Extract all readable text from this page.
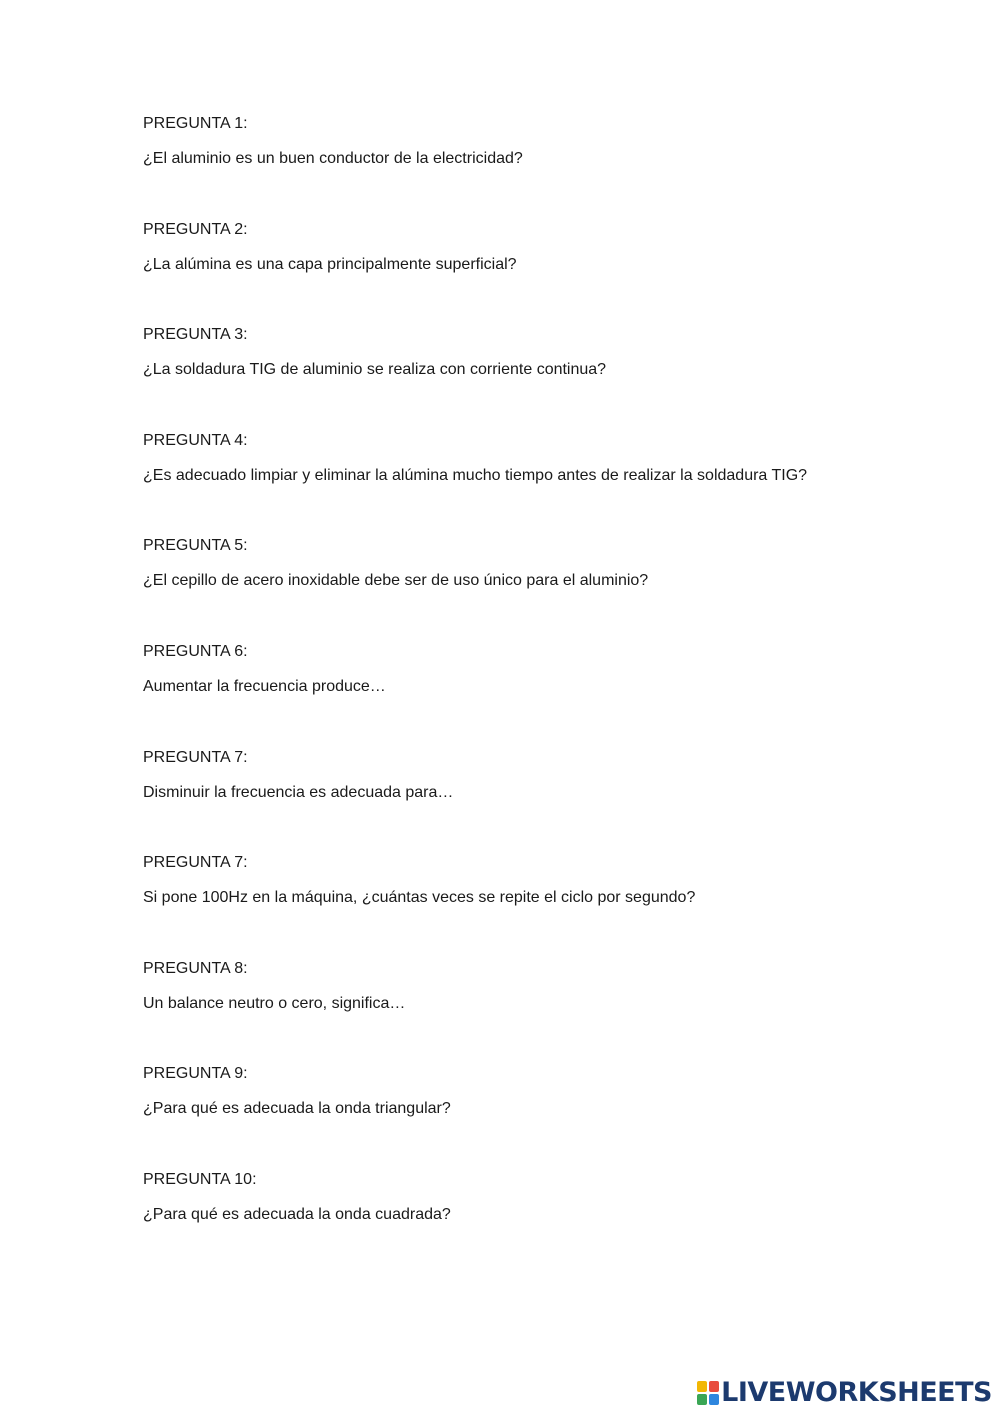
PREGUNTA 1:

¿El aluminio es un buen conductor de la electricidad?

PREGUNTA 2:

¿La alúmina es una capa principalmente superficial?

PREGUNTA 3:

¿La soldadura TIG de aluminio se realiza con corriente continua?

PREGUNTA 4:

¿Es adecuado limpiar y eliminar la alúmina mucho tiempo antes de realizar la soldadura TIG?

PREGUNTA 5:

¿El cepillo de acero inoxidable debe ser de uso único para el aluminio?

PREGUNTA 6:

Aumentar la frecuencia produce…

PREGUNTA 7:

Disminuir la frecuencia es adecuada para…

PREGUNTA 7:

Si pone 100Hz en la máquina, ¿cuántas veces se repite el ciclo por segundo?

PREGUNTA 8:

Un balance neutro o cero, significa…

PREGUNTA 9:

¿Para qué es adecuada la onda triangular?

PREGUNTA 10:

¿Para qué es adecuada la onda cuadrada?

LIVEWORKSHEETS
